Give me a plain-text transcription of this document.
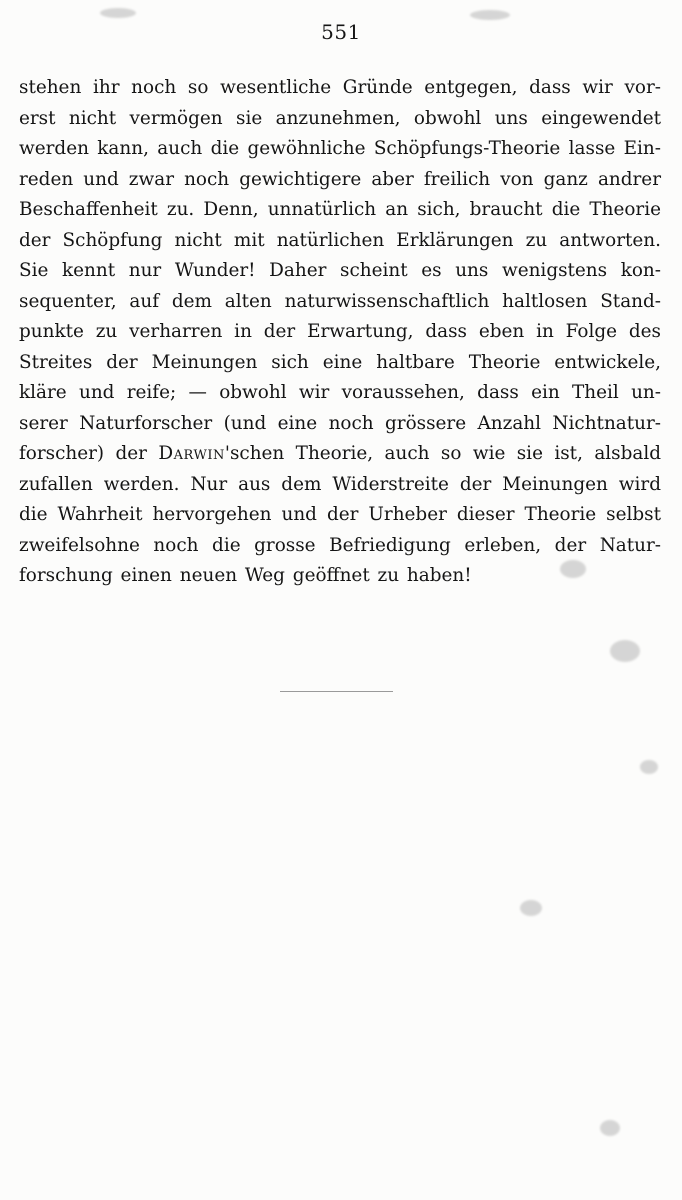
551
stehen ihr noch so wesentliche Gründe entgegen, dass wir vor-
erst nicht vermögen sie anzunehmen, obwohl uns eingewendet
werden kann, auch die gewöhnliche Schöpfungs-Theorie lasse Ein-
reden und zwar noch gewichtigere aber freilich von ganz andrer
Beschaffenheit zu. Denn, unnatürlich an sich, braucht die Theorie
der Schöpfung nicht mit natürlichen Erklärungen zu antworten.
Sie kennt nur Wunder! Daher scheint es uns wenigstens kon-
sequenter, auf dem alten naturwissenschaftlich haltlosen Stand-
punkte zu verharren in der Erwartung, dass eben in Folge des
Streites der Meinungen sich eine haltbare Theorie entwickele,
kläre und reife; — obwohl wir voraussehen, dass ein Theil un-
serer Naturforscher (und eine noch grössere Anzahl Nichtnatur-
forscher) der Darwin'schen Theorie, auch so wie sie ist, alsbald
zufallen werden. Nur aus dem Widerstreite der Meinungen wird
die Wahrheit hervorgehen und der Urheber dieser Theorie selbst
zweifelsohne noch die grosse Befriedigung erleben, der Natur-
forschung einen neuen Weg geöffnet zu haben!
